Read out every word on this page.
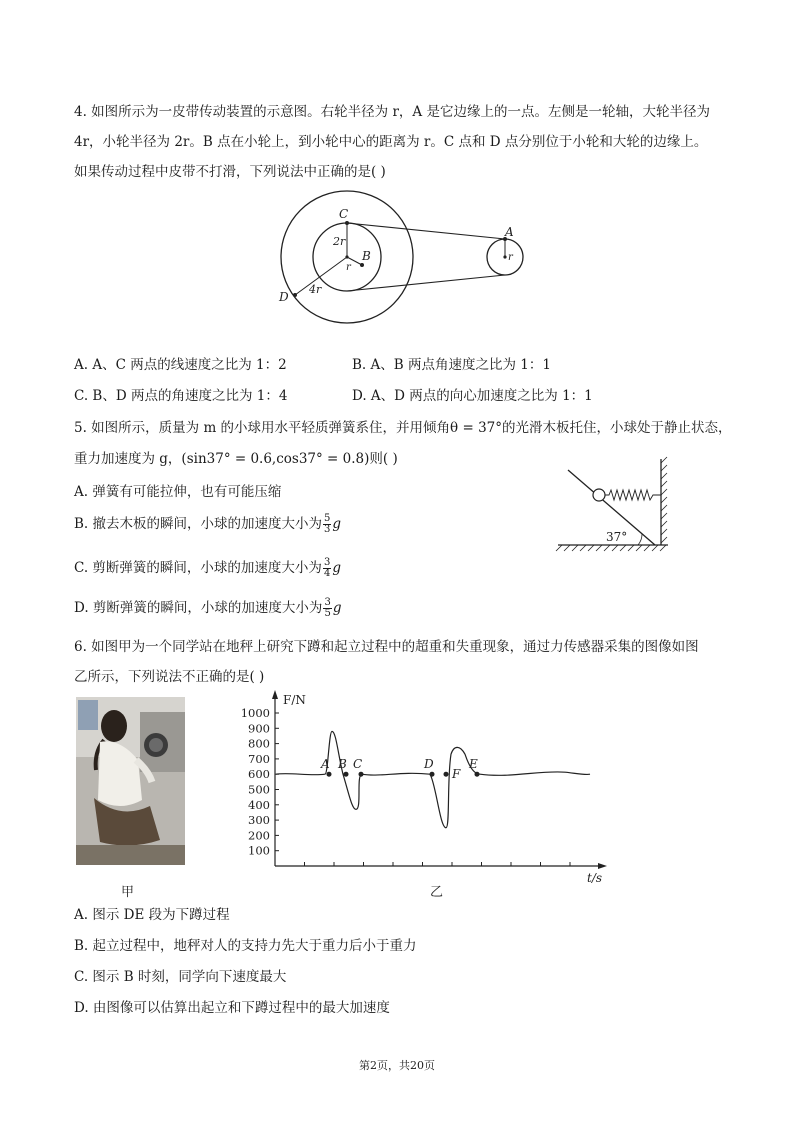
4. 如图所示为一皮带传动装置的示意图。右轮半径为 r，A 是它边缘上的一点。左侧是一轮轴，大轮半径为
4r，小轮半径为 2r。B 点在小轮上，到小轮中心的距离为 r。C 点和 D 点分别位于小轮和大轮的边缘上。
如果传动过程中皮带不打滑，下列说法中正确的是( )
C
2r
B
r
D
4r
A
r
A. A、C 两点的线速度之比为 1：2	B. A、B 两点角速度之比为 1：1
C. B、D 两点的角速度之比为 1：4	D. A、D 两点的向心加速度之比为 1：1
5. 如图所示，质量为 m 的小球用水平轻质弹簧系住，并用倾角θ = 37°的光滑木板托住，小球处于静止状态，
重力加速度为 g，(sin37° = 0.6,cos37° = 0.8)则( )
A. 弹簧有可能拉伸，也有可能压缩
B. 撤去木板的瞬间，小球的加速度大小为 $\frac{5}{3}$ g
C. 剪断弹簧的瞬间，小球的加速度大小为 $\frac{3}{4}$ g
D. 剪断弹簧的瞬间，小球的加速度大小为 $\frac{3}{5}$ g
37°
6. 如图甲为一个同学站在地秤上研究下蹲和起立过程中的超重和失重现象，通过力传感器采集的图像如图
乙所示，下列说法不正确的是( )
甲
100
200
300
400
500
600
700
800
900
1000
F/N
t/s
A B C	D
F
E
乙
A. 图示 DE 段为下蹲过程
B. 起立过程中，地秤对人的支持力先大于重力后小于重力
C. 图示 B 时刻，同学向下速度最大
D. 由图像可以估算出起立和下蹲过程中的最大加速度
第2页，共20页
